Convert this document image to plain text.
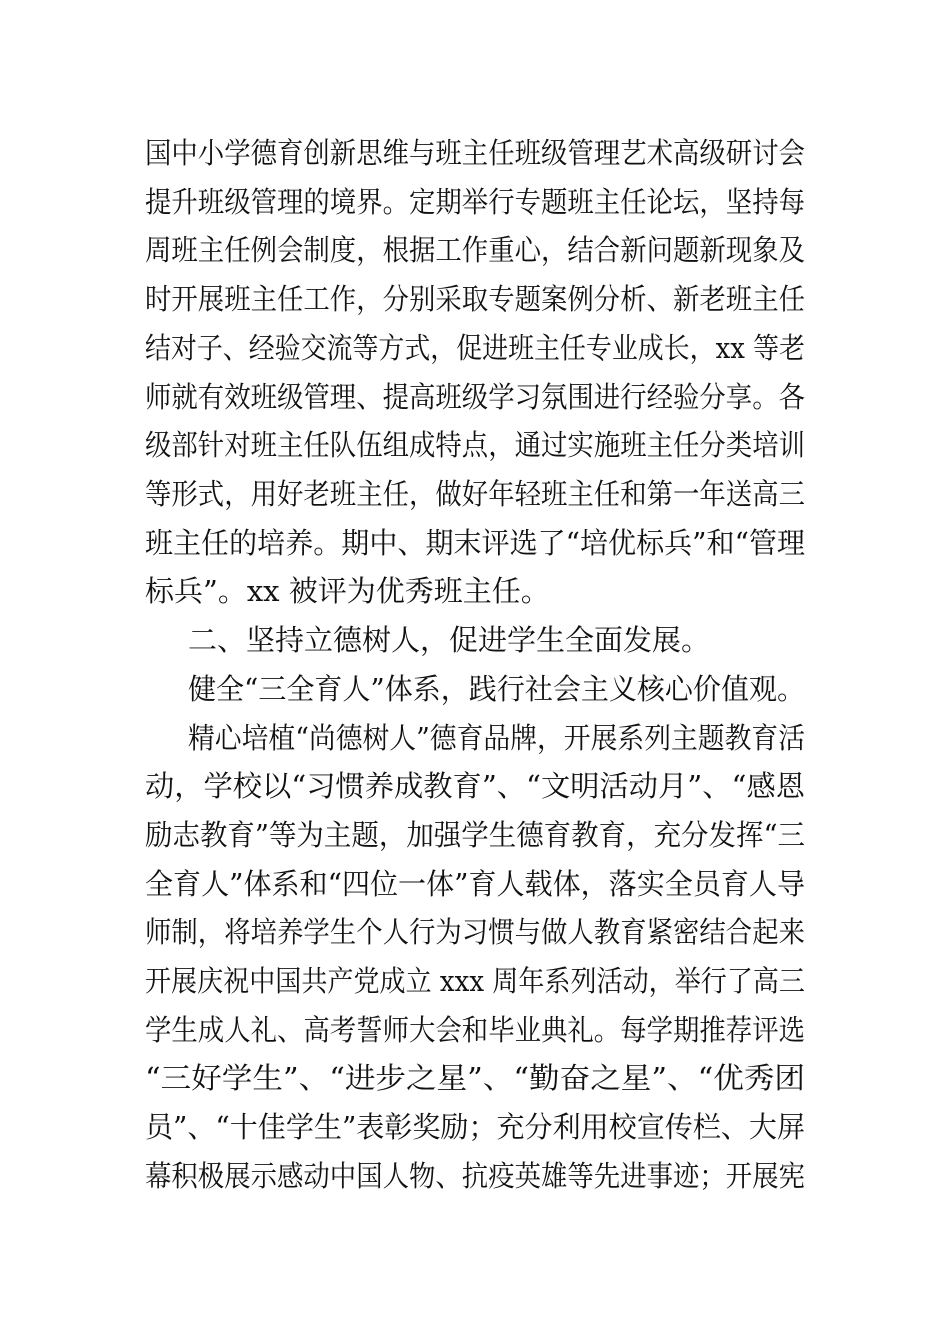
国中小学德育创新思维与班主任班级管理艺术高级研讨会
提升班级管理的境界。定期举行专题班主任论坛，坚持每
周班主任例会制度，根据工作重心，结合新问题新现象及
时开展班主任工作，分别采取专题案例分析、新老班主任
结对子、经验交流等方式，促进班主任专业成长，xx 等老
师就有效班级管理、提高班级学习氛围进行经验分享。各
级部针对班主任队伍组成特点，通过实施班主任分类培训
等形式，用好老班主任，做好年轻班主任和第一年送高三
班主任的培养。期中、期末评选了“培优标兵”和“管理
标兵”。xx 被评为优秀班主任。
二、坚持立德树人，促进学生全面发展。
健全“三全育人”体系，践行社会主义核心价值观。
精心培植“尚德树人”德育品牌，开展系列主题教育活
动，学校以“习惯养成教育”、“文明活动月”、“感恩
励志教育”等为主题，加强学生德育教育，充分发挥“三
全育人”体系和“四位一体”育人载体，落实全员育人导
师制，将培养学生个人行为习惯与做人教育紧密结合起来
开展庆祝中国共产党成立 xxx 周年系列活动，举行了高三
学生成人礼、高考誓师大会和毕业典礼。每学期推荐评选
“三好学生”、“进步之星”、“勤奋之星”、“优秀团
员”、“十佳学生”表彰奖励；充分利用校宣传栏、大屏
幕积极展示感动中国人物、抗疫英雄等先进事迹；开展宪
